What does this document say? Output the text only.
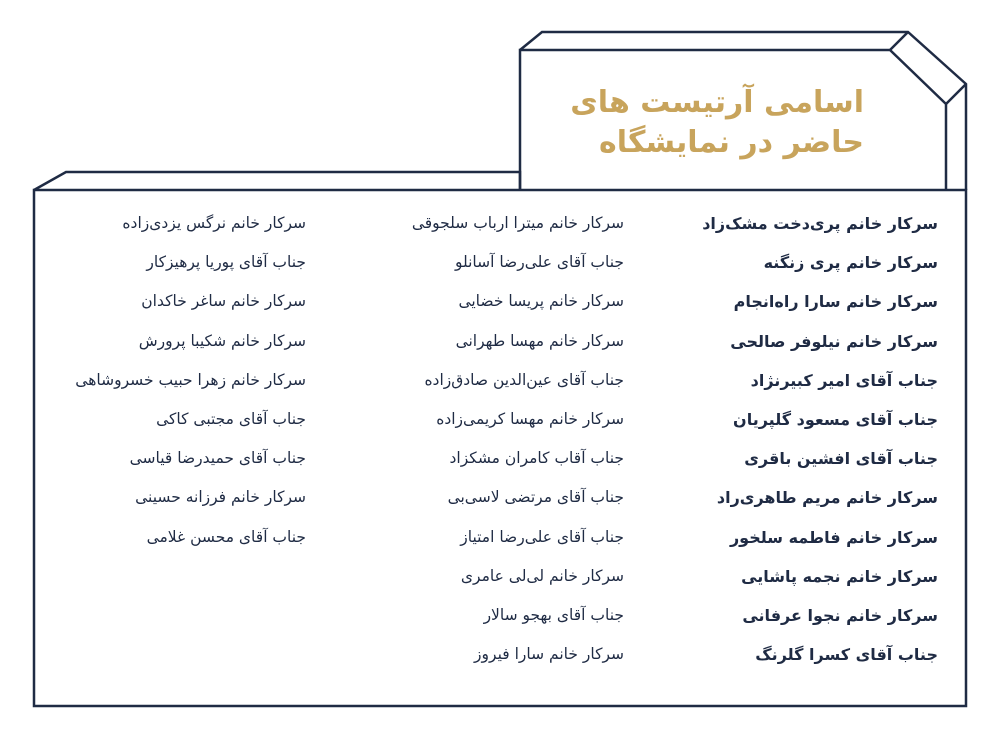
اسامی آرتیست های
حاضر در نمایشگاه
سرکار خانم پری‌دخت مشک‌زاد
سرکار خانم پری زنگنه
سرکار خانم سارا راه‌انجام
سرکار خانم نیلوفر صالحی
جناب آقای امیر کبیرنژاد
جناب آقای مسعود گلپریان
جناب آقای افشین باقری
سرکار خانم مریم طاهری‌راد
سرکار خانم فاطمه سلخور
سرکار خانم نجمه پاشایی
سرکار خانم نجوا عرفانی
جناب آقای کسرا گلرنگ
سرکار خانم میترا ارباب سلجوقی
جناب آقای علی‌رضا آسانلو
سرکار خانم پریسا خضایی
سرکار خانم مهسا طهرانی
جناب آقای عین‌الدین صادق‌زاده
سرکار خانم مهسا کریمی‌زاده
جناب آقاب کامران مشکزاد
جناب آقای مرتضی لاسی‌بی
جناب آقای علی‌رضا امتیاز
سرکار خانم لی‌لی عامری
جناب آقای بهجو سالار
سرکار خانم سارا فیروز
سرکار خانم نرگس یزدی‌زاده
جناب آقای پوریا پرهیزکار
سرکار خانم ساغر خاکدان
سرکار خانم شکیبا پرورش
سرکار خانم زهرا حبیب خسروشاهی
جناب آقای مجتبی کاکی
جناب آقای حمیدرضا قیاسی
سرکار خانم فرزانه حسینی
جناب آقای محسن غلامی
